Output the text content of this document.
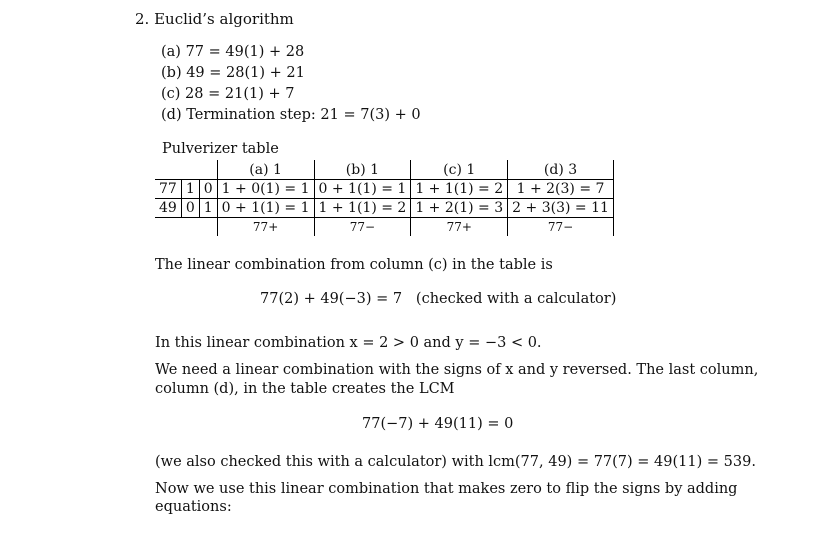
2. Euclid’s algorithm
(a) 77 = 49(1) + 28
(b) 49 = 28(1) + 21
(c) 28 = 21(1) + 7
(d) Termination step: 21 = 7(3) + 0
Pulverizer table
			(a) 1	(b) 1	(c) 1	(d) 3
77	1	0	1 + 0(1) = 1	0 + 1(1) = 1	1 + 1(1) = 2	1 + 2(3) = 7
49	0	1	0 + 1(1) = 1	1 + 1(1) = 2	1 + 2(1) = 3	2 + 3(3) = 11
			77+	77−	77+	77−
The linear combination from column (c) in the table is
77(2) + 49(−3) = 7   (checked with a calculator)
In this linear combination x = 2 > 0 and y = −3 < 0.
We need a linear combination with the signs of x and y reversed. The last column,
column (d), in the table creates the LCM
77(−7) + 49(11) = 0
(we also checked this with a calculator) with lcm(77, 49) = 77(7) = 49(11) = 539.
Now we use this linear combination that makes zero to flip the signs by adding
equations:
